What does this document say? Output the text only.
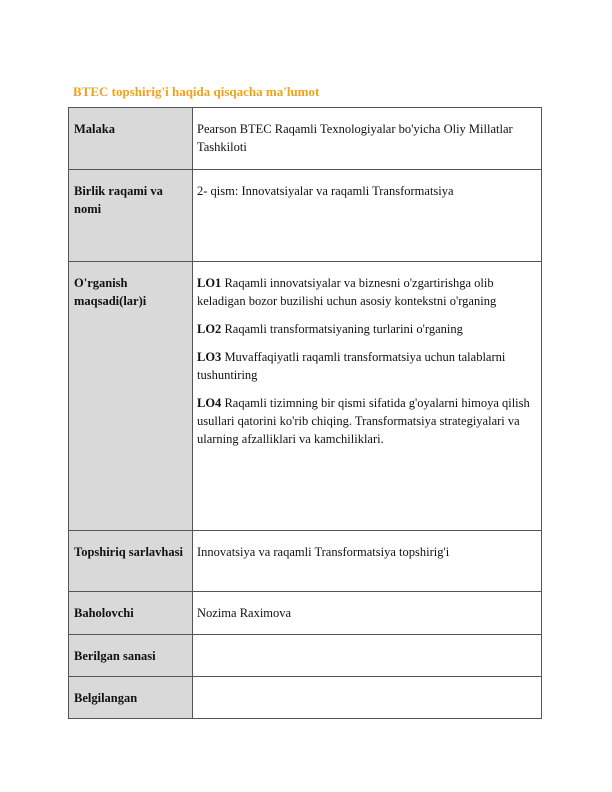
BTEC topshirig'i haqida qisqacha ma'lumot
Malaka	Pearson BTEC Raqamli Texnologiyalar bo'yicha Oliy Millatlar Tashkiloti
Birlik raqami va nomi	2- qism: Innovatsiyalar va raqamli Transformatsiya
O'rganish maqsadi(lar)i	LO1 Raqamli innovatsiyalar va biznesni o'zgartirishga olib keladigan bozor buzilishi uchun asosiy kontekstni o'rganing
LO2 Raqamli transformatsiyaning turlarini o'rganing
LO3 Muvaffaqiyatli raqamli transformatsiya uchun talablarni tushuntiring
LO4 Raqamli tizimning bir qismi sifatida g'oyalarni himoya qilish usullari qatorini ko'rib chiqing. Transformatsiya strategiyalari va ularning afzalliklari va kamchiliklari.

Topshiriq sarlavhasi	Innovatsiya va raqamli Transformatsiya topshirig'i
Baholovchi	Nozima Raximova
Berilgan sanasi	
Belgilangan	
